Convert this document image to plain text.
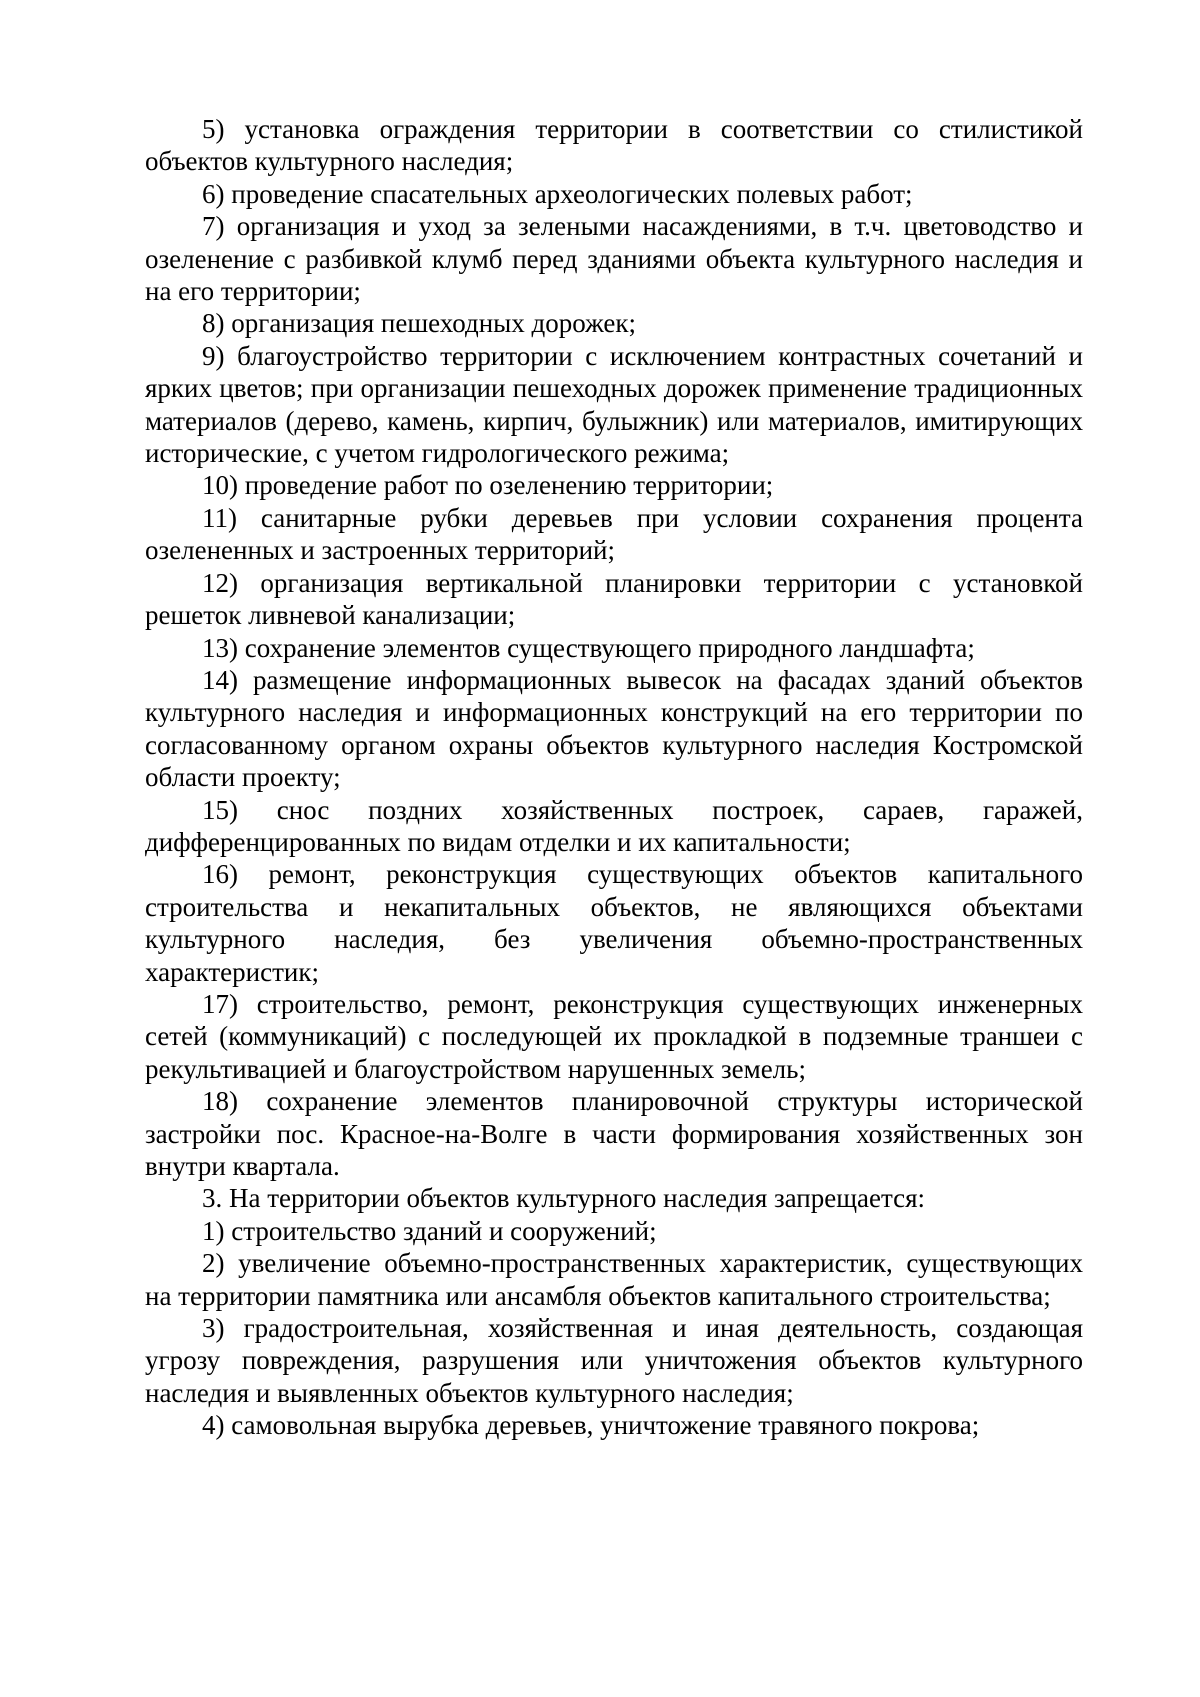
5) установка ограждения территории в соответствии со стилистикой объектов культурного наследия;

6) проведение спасательных археологических полевых работ;

7) организация и уход за зелеными насаждениями, в т.ч. цветоводство и озеленение с разбивкой клумб перед зданиями объекта культурного наследия и на его территории;

8) организация пешеходных дорожек;

9) благоустройство территории с исключением контрастных сочетаний и ярких цветов; при организации пешеходных дорожек применение традиционных материалов (дерево, камень, кирпич, булыжник) или материалов, имитирующих исторические, с учетом гидрологического режима;

10) проведение работ по озеленению территории;

11) санитарные рубки деревьев при условии сохранения процента озелененных и застроенных территорий;

12) организация вертикальной планировки территории с установкой решеток ливневой канализации;

13) сохранение элементов существующего природного ландшафта;

14) размещение информационных вывесок на фасадах зданий объектов культурного наследия и информационных конструкций на его территории по согласованному органом охраны объектов культурного наследия Костромской области проекту;

15) снос поздних хозяйственных построек, сараев, гаражей, дифференцированных по видам отделки и их капитальности;

16) ремонт, реконструкция существующих объектов капитального строительства и некапитальных объектов, не являющихся объектами культурного наследия, без увеличения объемно-пространственных характеристик;

17) строительство, ремонт, реконструкция существующих инженерных сетей (коммуникаций) с последующей их прокладкой в подземные траншеи с рекультивацией и благоустройством нарушенных земель;

18) сохранение элементов планировочной структуры исторической застройки пос. Красное-на-Волге в части формирования хозяйственных зон внутри квартала.

3. На территории объектов культурного наследия запрещается:

1) строительство зданий и сооружений;

2) увеличение объемно-пространственных характеристик, существующих на территории памятника или ансамбля объектов капитального строительства;

3) градостроительная, хозяйственная и иная деятельность, создающая угрозу повреждения, разрушения или уничтожения объектов культурного наследия и выявленных объектов культурного наследия;

4) самовольная вырубка деревьев, уничтожение травяного покрова;
